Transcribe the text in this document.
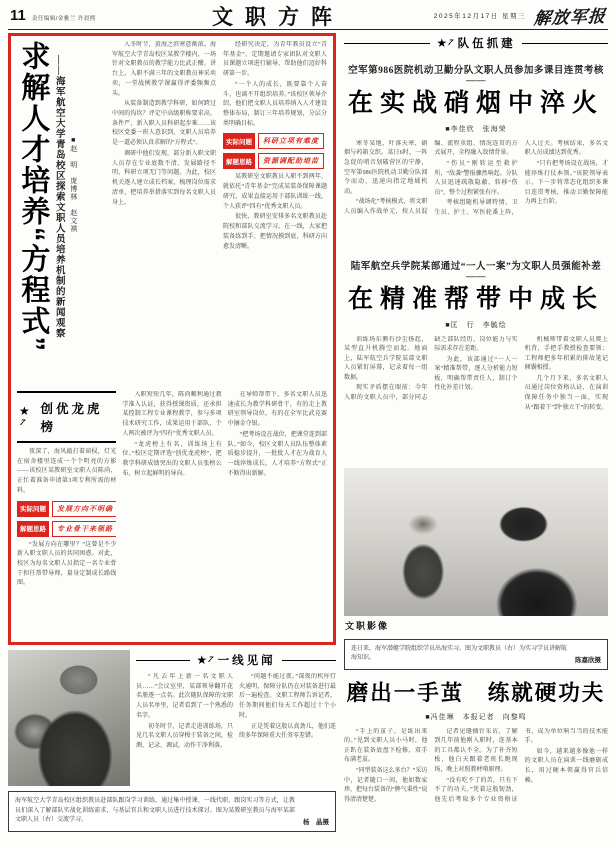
11 责任编辑/金雅兰 许晨熙	文职方阵	2025年12月17日 星期三 解放军报
求解人才培养“方程式” ——海军航空大学青岛校区探索文职人员培养机制的新闻观察 ■赵　明　庞博林　赵文祺

入冬时节，黄海之滨寒意渐浓。海军航空大学青岛校区某教学楼内，一场针对文职教员的教学能力比武正酣。讲台上，入职不满三年的文职教员神采奕奕，一堂战例教学课赢得评委频频点头。

从装备制造到教学科研，如何跨过中间的沟坎？评定中高级职称要求高、条件严，新入职人员科研起步难……该校区党委一班人意识到，文职人员培养是一道必须认真求解的“方程式”。

调研中他们发现，部分新入职文职人员存在专业底数不清、发展路径不明、科研立项无门等问题。为此，校区机关逐人建立成长档案，梳理岗位需求清单，把培养举措落实到每名文职人员身上。

经研究决定，为青年教员设立“青年基金”，定期邀请专家团队对文职人员课题立项进行辅导，帮助他们迈好科研第一步。

“一个人的成长，既要靠个人奋斗，也离不开组织培养。”该校区领导介绍，他们把文职人员培养纳入人才建设整体布局，制订三年培养规划，分层分类明确目标。

实际问题	科研立项有难度
解题思路	资源调配助培苗

某教研室文职教员入职不到两年，就依托“青年基金”完成某装备保障课题研究，成果直接运用于部队训练一线，个人获评“四有”优秀文职人员。

很快，教研室安排多名文职教员赴院校和部队交流学习。在一线，大家把装备练到手、把情况摸到底，科研方向愈发清晰。

★7
创优龙虎榜

夜深了，海风敲打着窗棂，灯光在宿舍楼里连成一个个明亮的方影——该校区某教研室文职人员陈尚，正忙着准备申请第3项专利所需的材料。

实际问题	发展方向不明确
解题思路	专业骨干来领路

“发展方向在哪里？”这曾是不少新入职文职人员的共同困惑。对此，校区为每名文职人员指定一名专业骨干担任帮带导师，量身定制成长路线图。

入职短短几年，陈尚顺利通过教学准入认证，获得授课资质，还承担某控制工程专业课程教学，参与多项技术研究工作，成果运用于部队，个人两次被评为“四有”优秀文职人员。

“龙虎榜上有名，训练场上有位。”校区定期评选“创优龙虎榜”，把教学科研成绩突出的文职人员张榜公布，树立起鲜明的导向。

在导师帮带下，多名文职人员迅速成长为教学科研骨干，有的走上教研室领导岗位，有的在全军比武竞赛中摘金夺银。

“把考场设在战位，把课堂连到部队。”如今，校区文职人员队伍整体素质稳步提升，一批批人才在为战育人一线淬炼成长，人才培养“方程式”正不断得出新解。

★7 一线见闻

“凡去年上新一名文职人员……”会议室里，某部领导翻开花名册逐一点名。此次随队保障的文职人员名单里，记者看到了一个熟悉的名字。

初冬时节，记者走进训练场，只见几名文职人员穿梭于装备之间，检测、记录、调试，动作干净利落。

“问题不能过夜。”深夜的机库灯火通明，保障分队仍在对装备进行最后一遍检查。文职工程师告诉记者，任务期间他们每天工作超过十个小时。

正是凭着这股认真劲儿，他们连续多年保障重大任务零差错。

海军航空大学青岛校区组织教员赴部队跟岗学习训练，通过集中授课、一线代职、跟岗实习等方式，让教员们深入了解部队实战化训练需求，与基层官兵和文职人员进行技术探讨。图为某教研室教员与海军某部文职人员（右）交流学习。	杨　晶摄
★7 队伍抓建
空军第986医院机动卫勤分队文职人员参加多课目连贯考核——
在实战硝烟中淬火
■李佳欣　张海荣

寒冬某地，叶落天寒，硝烟与药箱交织。某日6时，一阵急促的哨音划破营区的宁静，空军第986医院机动卫勤分队闻令而动，迅速向指定地域机动。

“战场化”考核模式，将文职人员编入作战单元，按人员混编、流程重组、情况连贯的方式展开，全程融入敌情背景。

“伤员”刚转运至救护所，“敌袭”警报骤然响起。分队人员迅速疏散隐蔽，转移“伤员”，整个过程紧张有序。

考核组随机导调特情，卫生员、护士、军医轮番上阵，人人过关。考核结束，多名文职人员成绩达到优秀。

“只有把考场设在战场，才能淬炼打仗本领。”该院领导表示，下一步将常态化组织多课目连贯考核，推动卫勤保障能力再上台阶。

陆军航空兵学院某部通过“一人一案”为文职人员强能补差——
在精准帮带中成长
■匡　行　李毓绘

训练场东侧有沙尘扬起，某型直升机腾空而起。地面上，陆军航空兵学院某部文职人员紧盯屏幕，记录着每一组数据。

现实矛盾摆在眼前：今年入职的文职人员中，部分同志缺乏部队经历，岗位能力与实际需求存在差距。

为此，该部通过“一人一案”精准帮带，逐人分析能力短板，明确帮带责任人，制订个性化补差计划。

机械师带着文职人员爬上机背，手把手教授检查要领；工程师把多年积累的排故笔记倾囊相授。

几个月下来，多名文职人员通过岗位资格认证，在演训保障任务中独当一面，实现从“跟着干”到“独立干”的转变。

文职影像
连日来，海军潜艇学院组织学员出海实习。图为文职教员（右）为实习学员讲解航海知识。	陈嘉欣摄
磨出一手茧　练就硬功夫
■冯佳琳　本报记者　向黎鸣

“手上的茧子，是练出来的。”见到文职人员小马时，他正趴在装备底盘下检修，双手布满老茧。

“同型装备这么多台？”采访中，记者随口一问，他如数家珍，把每台装备的“脾气秉性”说得清清楚楚。

记者见缝插针采访，了解到几年前他刚入职时，连基本的工具都认不全。为了补齐短板，他白天跟着老班长跑现场，晚上对照教材啃原理。

“没有吃不了的苦，只有下不了的功夫。”凭着这股韧劲，他先后考取多个专业资格证书，成为单位响当当的技术能手。

如今，越来越多像他一样的文职人员在演训一线磨砺成长，用过硬本领赢得官兵信赖。
